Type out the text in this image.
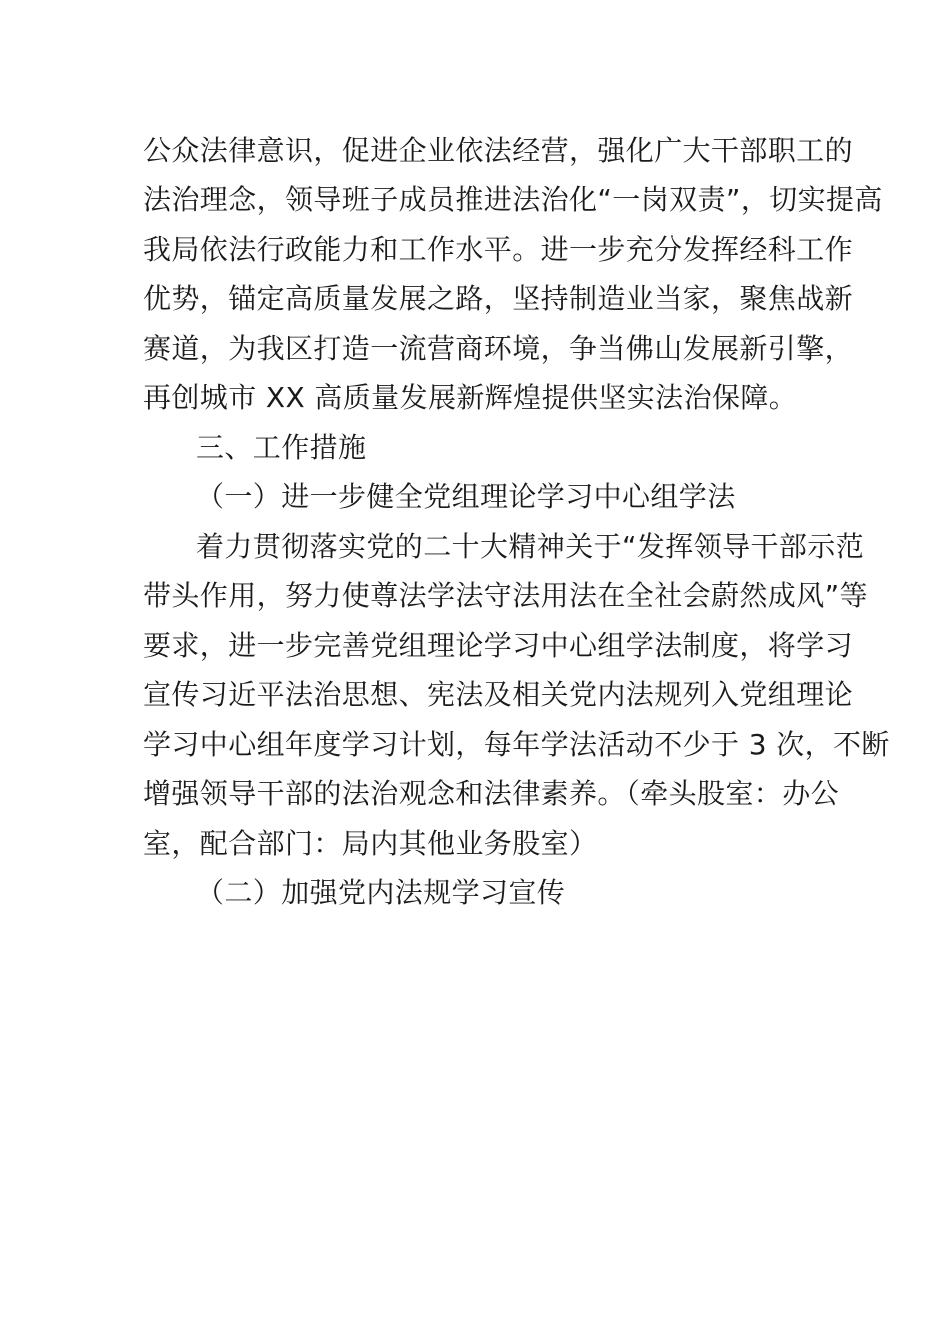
公众法律意识，促进企业依法经营，强化广大干部职工的
法治理念，领导班子成员推进法治化“一岗双责”，切实提高
我局依法行政能力和工作水平。进一步充分发挥经科工作
优势，锚定高质量发展之路，坚持制造业当家，聚焦战新
赛道，为我区打造一流营商环境，争当佛山发展新引擎，
再创城市 XX 高质量发展新辉煌提供坚实法治保障。
三、工作措施
（一）进一步健全党组理论学习中心组学法
着力贯彻落实党的二十大精神关于“发挥领导干部示范
带头作用，努力使尊法学法守法用法在全社会蔚然成风”等
要求，进一步完善党组理论学习中心组学法制度，将学习
宣传习近平法治思想、宪法及相关党内法规列入党组理论
学习中心组年度学习计划，每年学法活动不少于 3 次，不断
增强领导干部的法治观念和法律素养。（牵头股室：办公
室，配合部门：局内其他业务股室）
（二）加强党内法规学习宣传
